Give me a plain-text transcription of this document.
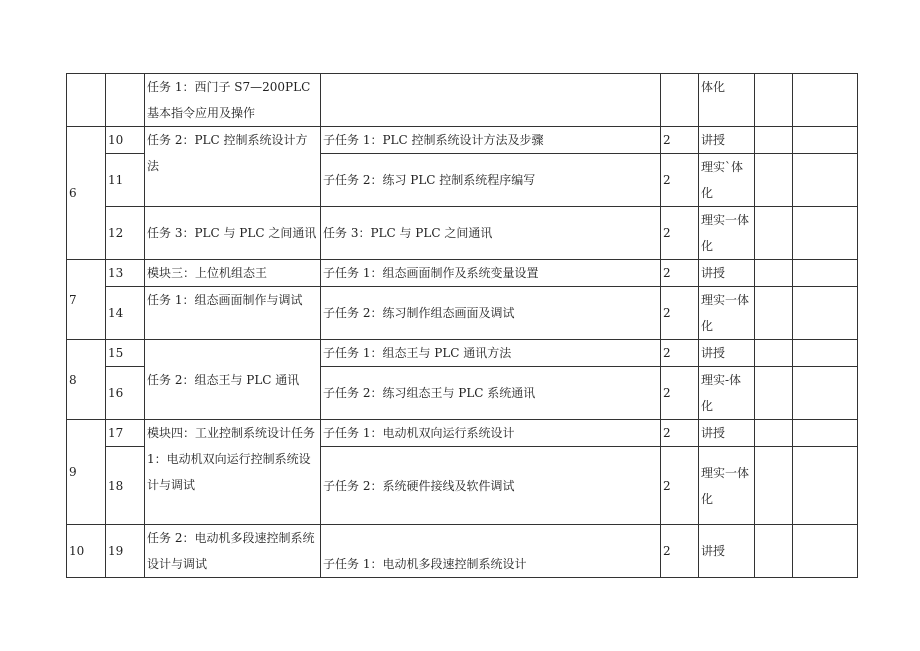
		任务 1：西门子 S7—200PLC 基本指令应用及操作			体化		
6	10	任务 2：PLC 控制系统设计方法	子任务 1：PLC 控制系统设计方法及步骤	2	讲授		
	11		子任务 2：练习 PLC 控制系统程序编写	2	理实`体化		
	12	任务 3：PLC 与 PLC 之间通讯	任务 3：PLC 与 PLC 之间通讯	2	理实一体化		
7	13	模块三：上位机组态王	子任务 1：组态画面制作及系统变量设置	2	讲授		
	14	任务 1：组态画面制作与调试	子任务 2：练习制作组态画面及调试	2	理实一体化		
8	15	任务 2：组态王与 PLC 通讯	子任务 1：组态王与 PLC 通讯方法	2	讲授		
	16		子任务 2：练习组态王与 PLC 系统通讯	2	理实-体化		
9	17	模块四：工业控制系统设计任务 1：电动机双向运行控制系统设计与调试	子任务 1：电动机双向运行系统设计	2	讲授		
	18		子任务 2：系统硬件接线及软件调试	2	理实一体化		
10	19	任务 2：电动机多段速控制系统设计与调试	子任务 1：电动机多段速控制系统设计	2	讲授		
